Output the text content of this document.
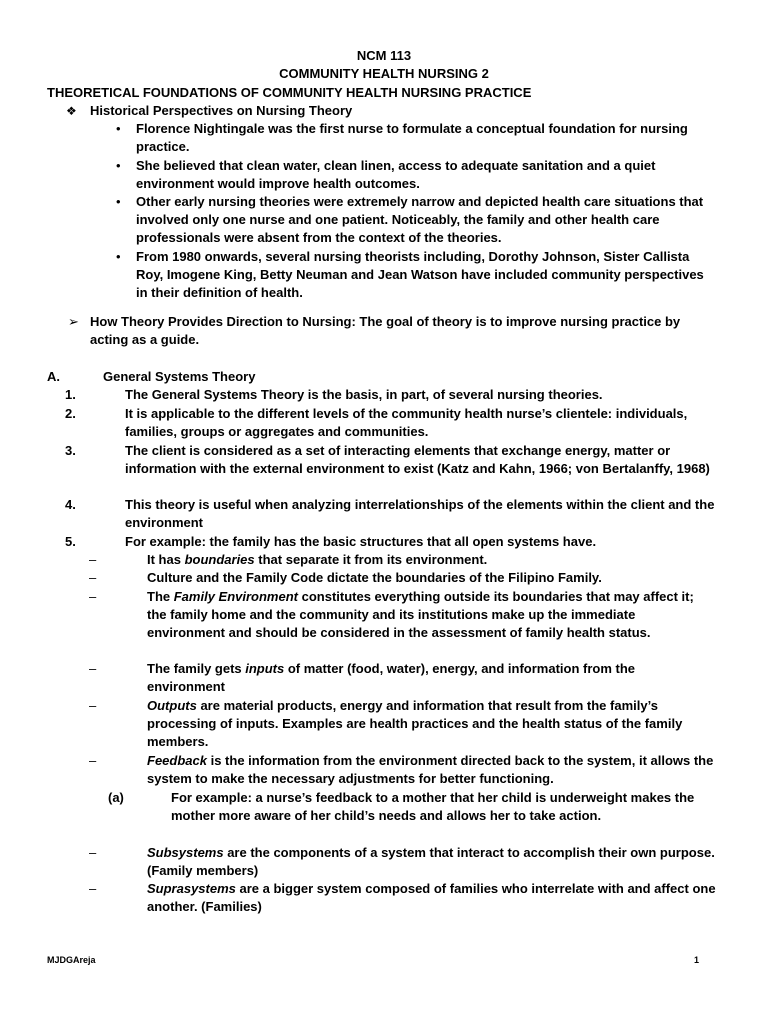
NCM 113
COMMUNITY HEALTH NURSING 2
THEORETICAL FOUNDATIONS OF COMMUNITY HEALTH NURSING PRACTICE
❖ Historical Perspectives on Nursing Theory
• Florence Nightingale was the first nurse to formulate a conceptual foundation for nursing practice.
• She believed that clean water, clean linen, access to adequate sanitation and a quiet environment would improve health outcomes.
• Other early nursing theories were extremely narrow and depicted health care situations that involved only one nurse and one patient. Noticeably, the family and other health care professionals were absent from the context of the theories.
• From 1980 onwards, several nursing theorists including, Dorothy Johnson, Sister Callista Roy, Imogene King, Betty Neuman and Jean Watson have included community perspectives in their definition of health.
➢ How Theory Provides Direction to Nursing: The goal of theory is to improve nursing practice by acting as a guide.
A.	General Systems Theory
1.	The General Systems Theory is the basis, in part, of several nursing theories.
2.	It is applicable to the different levels of the community health nurse’s clientele: individuals, families, groups or aggregates and communities.
3.	The client is considered as a set of interacting elements that exchange energy, matter or information with the external environment to exist (Katz and Kahn, 1966; von Bertalanffy, 1968)
4.	This theory is useful when analyzing interrelationships of the elements within the client and the environment
5.	For example: the family has the basic structures that all open systems have.
–	It has boundaries that separate it from its environment.
–	Culture and the Family Code dictate the boundaries of the Filipino Family.
–	The Family Environment constitutes everything outside its boundaries that may affect it; the family home and the community and its institutions make up the immediate environment and should be considered in the assessment of family health status.
–	The family gets inputs of matter (food, water), energy, and information from the environment
–	Outputs are material products, energy and information that result from the family’s processing of inputs. Examples are health practices and the health status of the family members.
–	Feedback is the information from the environment directed back to the system, it allows the system to make the necessary adjustments for better functioning.
(a)	For example: a nurse’s feedback to a mother that her child is underweight makes the mother more aware of her child’s needs and allows her to take action.
–	Subsystems are the components of a system that interact to accomplish their own purpose. (Family members)
–	Suprasystems are a bigger system composed of families who interrelate with and affect one another. (Families)
MJDGAreja	1
